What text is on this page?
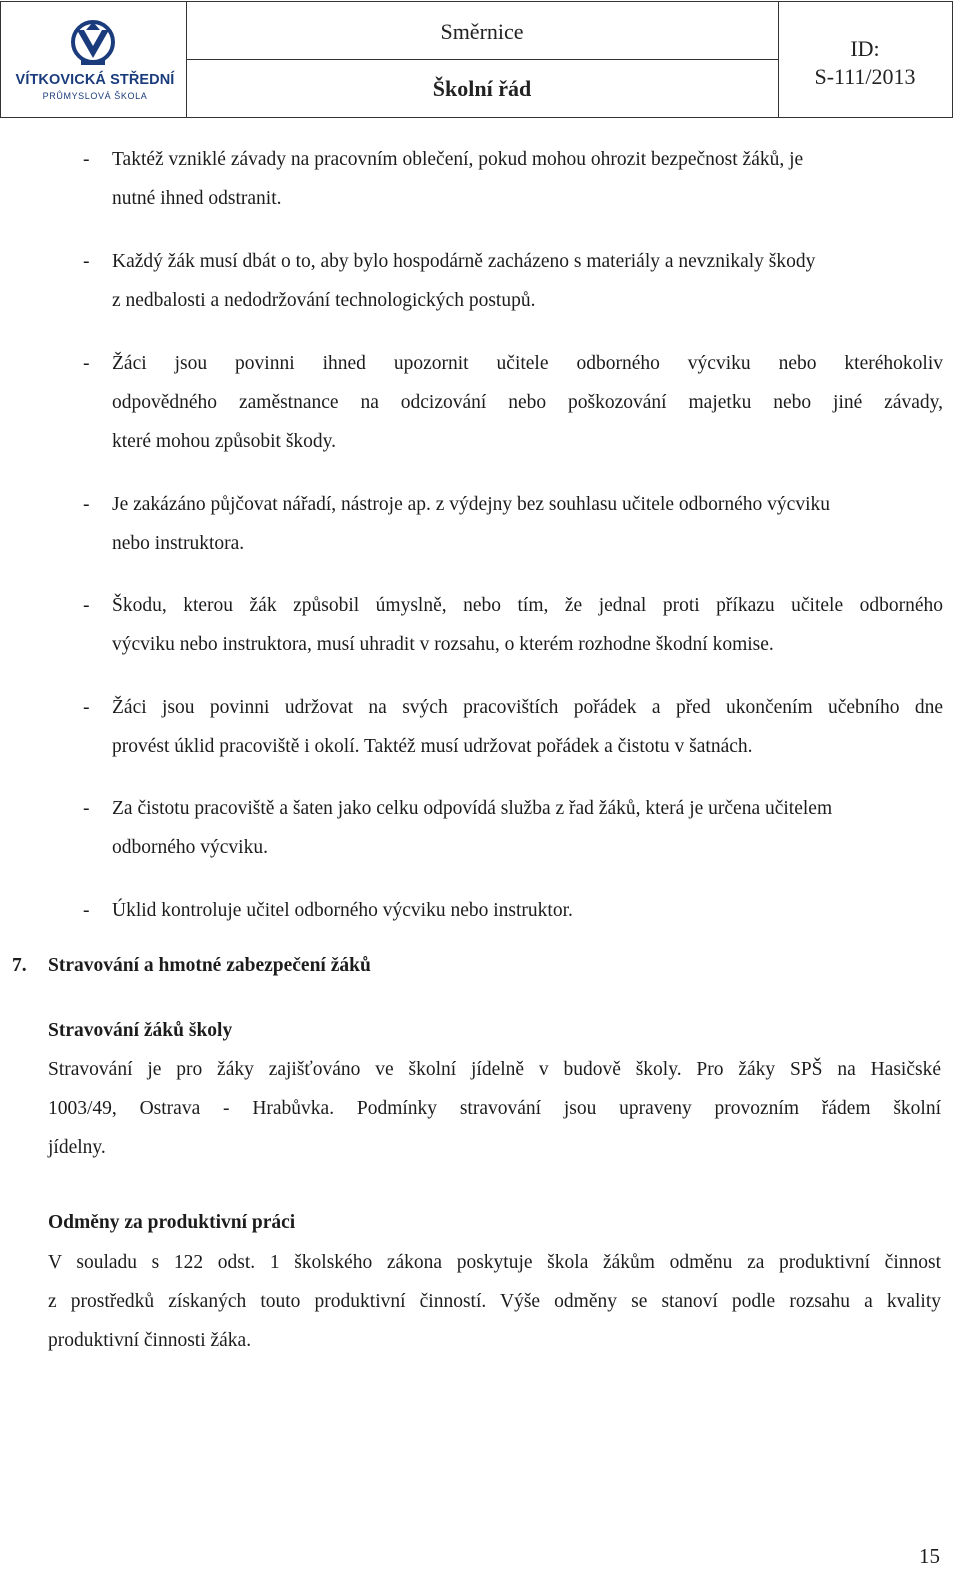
VÍTKOVICKÁ STŘEDNÍ
PRŮMYSLOVÁ ŠKOLA
Směrnice
Školní řád
ID:
S-111/2013
- Taktéž vzniklé závady na pracovním oblečení, pokud mohou ohrozit bezpečnost žáků, je
nutné ihned odstranit.
- Každý žák musí dbát o to, aby bylo hospodárně zacházeno s materiály a nevznikaly škody
z nedbalosti a nedodržování technologických postupů.
- Žáci jsou povinni ihned upozornit učitele odborného výcviku nebo kteréhokoliv
odpovědného zaměstnance na odcizování nebo poškozování majetku nebo jiné závady,
které mohou způsobit škody.
- Je zakázáno půjčovat nářadí, nástroje ap. z výdejny bez souhlasu učitele odborného výcviku
nebo instruktora.
- Škodu, kterou žák způsobil úmyslně, nebo tím, že jednal proti příkazu učitele odborného
výcviku nebo instruktora, musí uhradit v rozsahu, o kterém rozhodne škodní komise.
- Žáci jsou povinni udržovat na svých pracovištích pořádek a před ukončením učebního dne
provést úklid pracoviště i okolí. Taktéž musí udržovat pořádek a čistotu v šatnách.
- Za čistotu pracoviště a šaten jako celku odpovídá služba z řad žáků, která je určena učitelem
odborného výcviku.
- Úklid kontroluje učitel odborného výcviku nebo instruktor.
7. Stravování a hmotné zabezpečení žáků
Stravování žáků školy
Stravování je pro žáky zajišťováno ve školní jídelně v budově školy. Pro žáky SPŠ na Hasičské
1003/49, Ostrava - Hrabůvka. Podmínky stravování jsou upraveny provozním řádem školní
jídelny.
Odměny za produktivní práci
V souladu s 122 odst. 1 školského zákona poskytuje škola žákům odměnu za produktivní činnost
z prostředků získaných touto produktivní činností. Výše odměny se stanoví podle rozsahu a kvality
produktivní činnosti žáka.
15
